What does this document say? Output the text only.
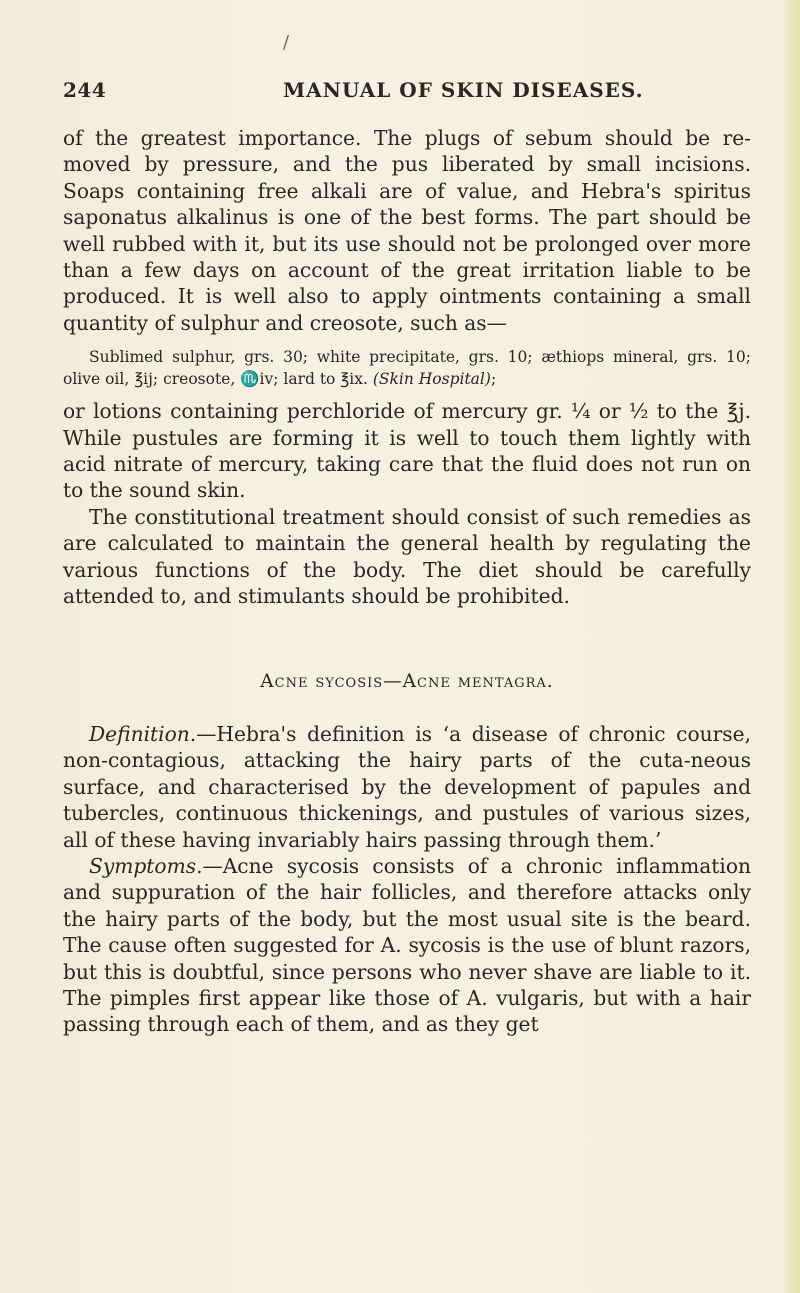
/
244	MANUAL OF SKIN DISEASES.

of the greatest importance. The plugs of sebum should be re-moved by pressure, and the pus liberated by small incisions. Soaps containing free alkali are of value, and Hebra's spiritus saponatus alkalinus is one of the best forms. The part should be well rubbed with it, but its use should not be prolonged over more than a few days on account of the great irritation liable to be produced. It is well also to apply ointments containing a small quantity of sulphur and creosote, such as—

Sublimed sulphur, grs. 30; white precipitate, grs. 10; æthiops mineral, grs. 10; olive oil, ℥ij; creosote, ♏iv; lard to ℥ix. (Skin Hospital);

or lotions containing perchloride of mercury gr. ¼ or ½ to the ℥j. While pustules are forming it is well to touch them lightly with acid nitrate of mercury, taking care that the fluid does not run on to the sound skin.

The constitutional treatment should consist of such remedies as are calculated to maintain the general health by regulating the various functions of the body. The diet should be carefully attended to, and stimulants should be prohibited.

Acne sycosis—Acne mentagra.

Definition.—Hebra's definition is ‘a disease of chronic course, non-contagious, attacking the hairy parts of the cuta-neous surface, and characterised by the development of papules and tubercles, continuous thickenings, and pustules of various sizes, all of these having invariably hairs passing through them.’

Symptoms.—Acne sycosis consists of a chronic inflammation and suppuration of the hair follicles, and therefore attacks only the hairy parts of the body, but the most usual site is the beard. The cause often suggested for A. sycosis is the use of blunt razors, but this is doubtful, since persons who never shave are liable to it. The pimples first appear like those of A. vulgaris, but with a hair passing through each of them, and as they get
